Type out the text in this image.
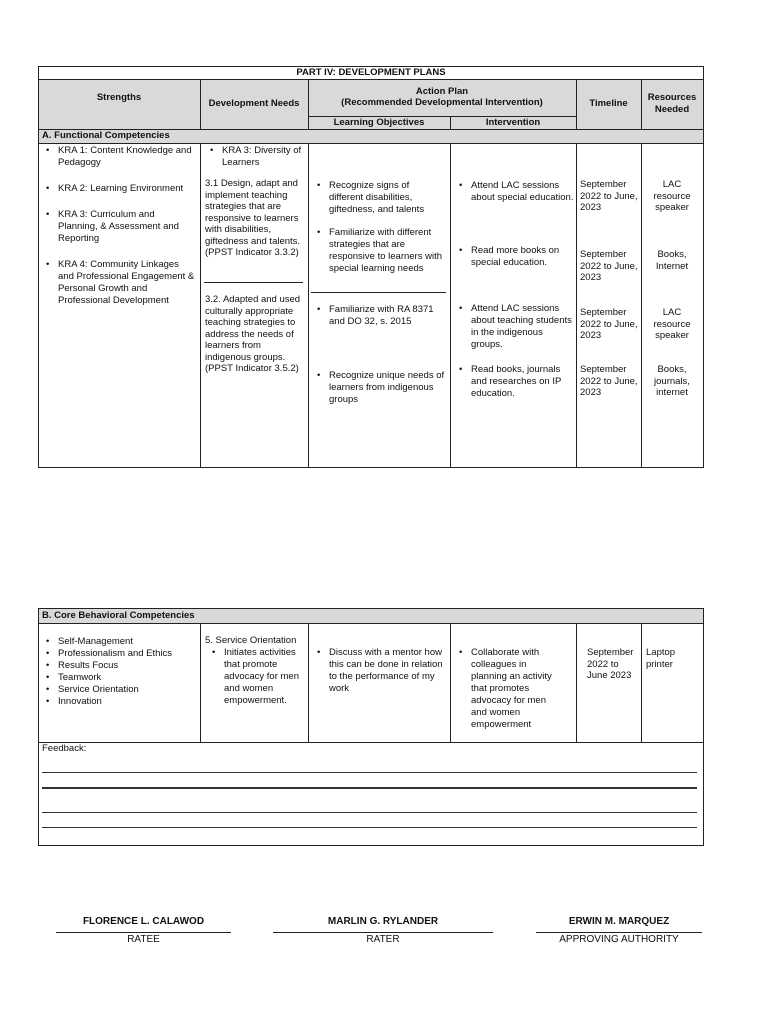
PART IV: DEVELOPMENT PLANS
Strengths
Development Needs
Action Plan
(Recommended Developmental Intervention)	Timeline
Resources
Needed
Learning Objectives	Intervention
A. Functional Competencies
• KRA 1: Content Knowledge and Pedagogy
• KRA 2: Learning Environment
• KRA 3: Curriculum and Planning, & Assessment and Reporting
• KRA 4: Community Linkages and Professional Engagement & Personal Growth and Professional Development
• KRA 3: Diversity of Learners
3.1 Design, adapt and implement teaching strategies that are responsive to learners with disabilities, giftedness and talents. (PPST Indicator 3.3.2)
3.2. Adapted and used culturally appropriate teaching strategies to address the needs of learners from indigenous groups. (PPST Indicator 3.5.2)
• Recognize signs of different disabilities, giftedness, and talents
• Familiarize with different strategies that are responsive to learners with special learning needs
• Familiarize with RA 8371 and DO 32, s. 2015
• Recognize unique needs of learners from indigenous groups
• Attend LAC sessions about special education.
• Read more books on special education.
• Attend LAC sessions about teaching students in the indigenous groups.
• Read books, journals and researches on IP education.
September 2022 to June, 2023
September 2022 to June, 2023
September 2022 to June, 2023
September 2022 to June, 2023
LAC resource speaker
Books, Internet
LAC resource speaker
Books, journals, internet
B. Core Behavioral Competencies
• Self-Management
• Professionalism and Ethics
• Results Focus
• Teamwork
• Service Orientation
• Innovation
5. Service Orientation
• Initiates activities that promote advocacy for men and women empowerment.
• Discuss with a mentor how this can be done in relation to the performance of my work
• Collaborate with colleagues in planning an activity that promotes advocacy for men and women empowerment
September 2022 to June 2023
Laptop printer
Feedback:
FLORENCE L. CALAWOD
RATEE
MARLIN G. RYLANDER
RATER
ERWIN M. MARQUEZ
APPROVING AUTHORITY
